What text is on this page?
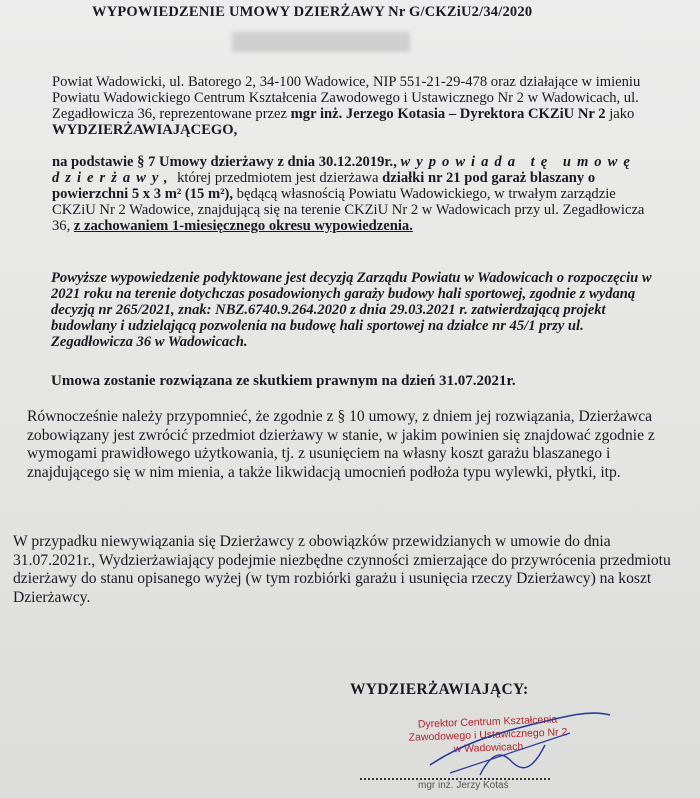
WYPOWIEDZENIE UMOWY DZIERŻAWY Nr G/CKZiU2/34/2020

Powiat Wadowicki, ul. Batorego 2, 34-100 Wadowice, NIP 551-21-29-478 oraz działające w imieniu Powiatu Wadowickiego Centrum Kształcenia Zawodowego i Ustawicznego Nr 2 w Wadowicach, ul. Zegadłowicza 36, reprezentowane przez mgr inż. Jerzego Kotasia – Dyrektora CKZiU Nr 2 jako WYDZIERŻAWIAJĄCEGO,

na podstawie § 7 Umowy dzierżawy z dnia 30.12.2019r., wypowiada tę umowę dzierżawy, której przedmiotem jest dzierżawa działki nr 21 pod garaż blaszany o powierzchni 5 x 3 m² (15 m²), będącą własnością Powiatu Wadowickiego, w trwałym zarządzie CKZiU Nr 2 Wadowice, znajdującą się na terenie CKZiU Nr 2 w Wadowicach przy ul. Zegadłowicza 36, z zachowaniem 1-miesięcznego okresu wypowiedzenia.

Powyższe wypowiedzenie podyktowane jest decyzją Zarządu Powiatu w Wadowicach o rozpoczęciu w 2021 roku na terenie dotychczas posadowionych garaży budowy hali sportowej, zgodnie z wydaną decyzją nr 265/2021, znak: NBZ.6740.9.264.2020 z dnia 29.03.2021 r. zatwierdzającą projekt budowlany i udzielającą pozwolenia na budowę hali sportowej na działce nr 45/1 przy ul. Zegadłowicza 36 w Wadowicach.

Umowa zostanie rozwiązana ze skutkiem prawnym na dzień 31.07.2021r.

Równocześnie należy przypomnieć, że zgodnie z § 10 umowy, z dniem jej rozwiązania, Dzierżawca zobowiązany jest zwrócić przedmiot dzierżawy w stanie, w jakim powinien się znajdować zgodnie z wymogami prawidłowego użytkowania, tj. z usunięciem na własny koszt garażu blaszanego i znajdującego się w nim mienia, a także likwidacją umocnień podłoża typu wylewki, płytki, itp.

W przypadku niewywiązania się Dzierżawcy z obowiązków przewidzianych w umowie do dnia 31.07.2021r., Wydzierżawiający podejmie niezbędne czynności zmierzające do przywrócenia przedmiotu dzierżawy do stanu opisanego wyżej (w tym rozbiórki garażu i usunięcia rzeczy Dzierżawcy) na koszt Dzierżawcy.

WYDZIERŻAWIAJĄCY:
Dyrektor Centrum Kształcenia
Zawodowego i Ustawicznego Nr 2
w Wadowicach
mgr inż. Jerzy Kotaś
